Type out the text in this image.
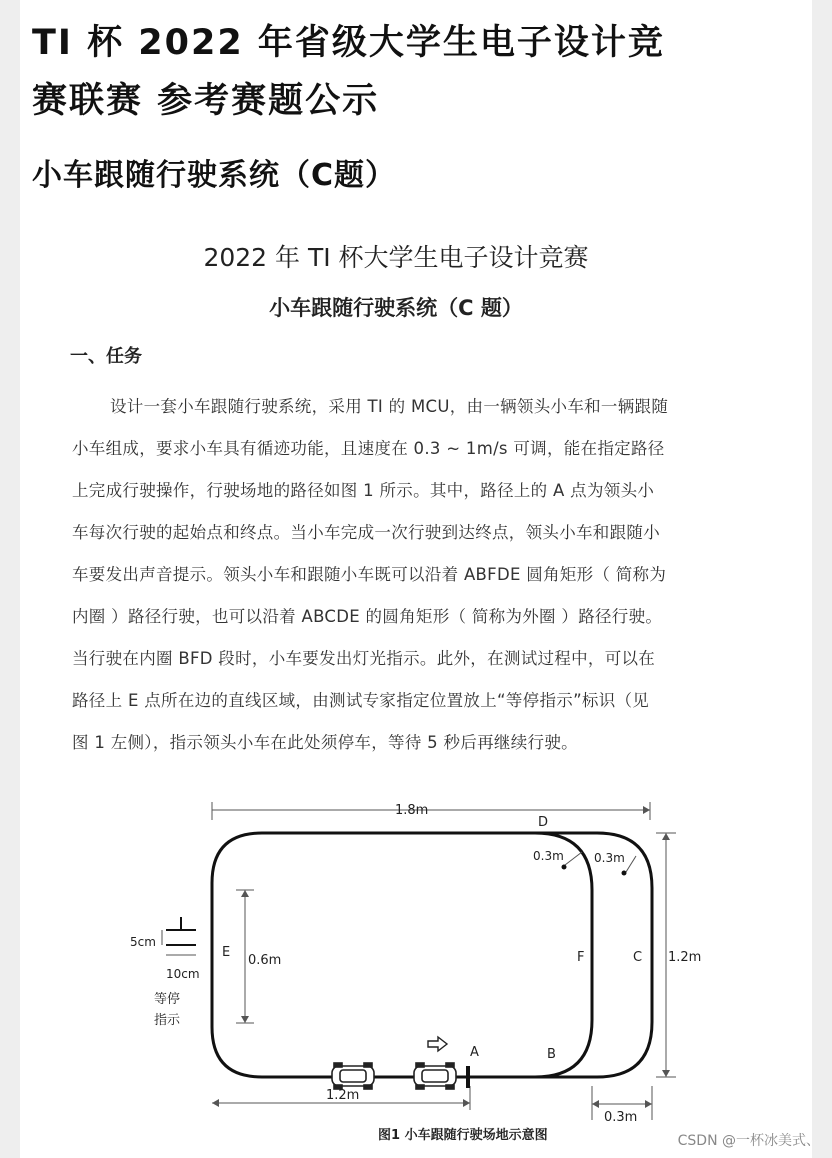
TI 杯 2022 年省级大学生电子设计竞
赛联赛 参考赛题公示
小车跟随行驶系统（C题）
2022 年 TI 杯大学生电子设计竞赛
小车跟随行驶系统（C 题）
一、任务
设计一套小车跟随行驶系统，采用 TI 的 MCU，由一辆领头小车和一辆跟随
小车组成，要求小车具有循迹功能，且速度在 0.3 ~ 1m/s 可调，能在指定路径
上完成行驶操作，行驶场地的路径如图 1 所示。其中，路径上的 A 点为领头小
车每次行驶的起始点和终点。当小车完成一次行驶到达终点，领头小车和跟随小
车要发出声音提示。领头小车和跟随小车既可以沿着 ABFDE 圆角矩形（ 简称为
内圈 ）路径行驶，也可以沿着 ABCDE 的圆角矩形（ 简称为外圈 ）路径行驶。
当行驶在内圈 BFD 段时，小车要发出灯光指示。此外，在测试过程中，可以在
路径上 E 点所在边的直线区域，由测试专家指定位置放上“等停指示”标识（见
图 1 左侧），指示领头小车在此处须停车，等待 5 秒后再继续行驶。
1.8m
D
0.3m	0.3m
E
0.6m	F	C 1.2m
B
A
1.2m
0.3m
5cm
10cm
等停
指示
图1 小车跟随行驶场地示意图	CSDN @一杯冰美式、
